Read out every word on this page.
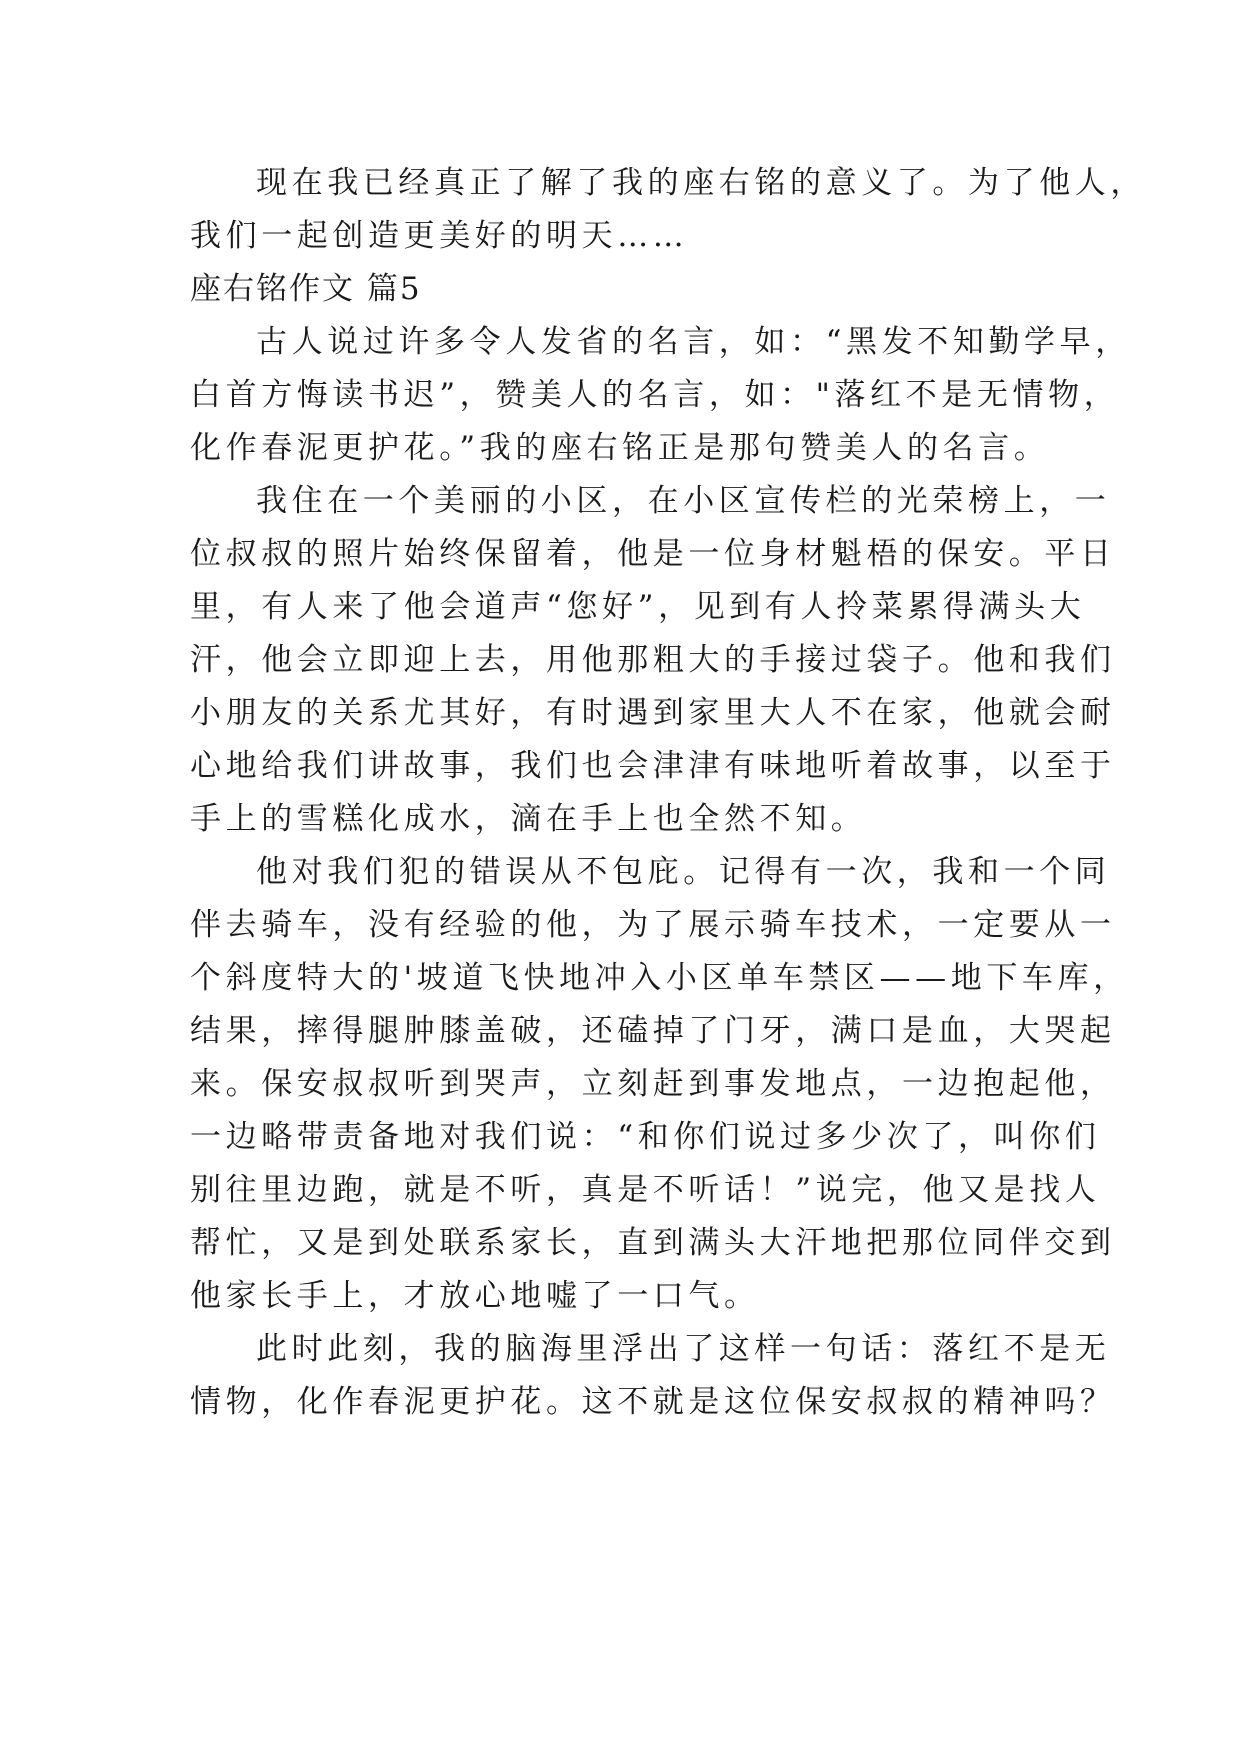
现在我已经真正了解了我的座右铭的意义了。为了他人，
我们一起创造更美好的明天……
座右铭作文 篇5
古人说过许多令人发省的名言，如：“黑发不知勤学早，
白首方悔读书迟”，赞美人的名言，如："落红不是无情物，
化作春泥更护花。”我的座右铭正是那句赞美人的名言。
我住在一个美丽的小区，在小区宣传栏的光荣榜上，一
位叔叔的照片始终保留着，他是一位身材魁梧的保安。平日
里，有人来了他会道声“您好”，见到有人拎菜累得满头大
汗，他会立即迎上去，用他那粗大的手接过袋子。他和我们
小朋友的关系尤其好，有时遇到家里大人不在家，他就会耐
心地给我们讲故事，我们也会津津有味地听着故事，以至于
手上的雪糕化成水，滴在手上也全然不知。
他对我们犯的错误从不包庇。记得有一次，我和一个同
伴去骑车，没有经验的他，为了展示骑车技术，一定要从一
个斜度特大的'坡道飞快地冲入小区单车禁区——地下车库，
结果，摔得腿肿膝盖破，还磕掉了门牙，满口是血，大哭起
来。保安叔叔听到哭声，立刻赶到事发地点，一边抱起他，
一边略带责备地对我们说：“和你们说过多少次了，叫你们
别往里边跑，就是不听，真是不听话！”说完，他又是找人
帮忙，又是到处联系家长，直到满头大汗地把那位同伴交到
他家长手上，才放心地嘘了一口气。
此时此刻，我的脑海里浮出了这样一句话：落红不是无
情物，化作春泥更护花。这不就是这位保安叔叔的精神吗？
